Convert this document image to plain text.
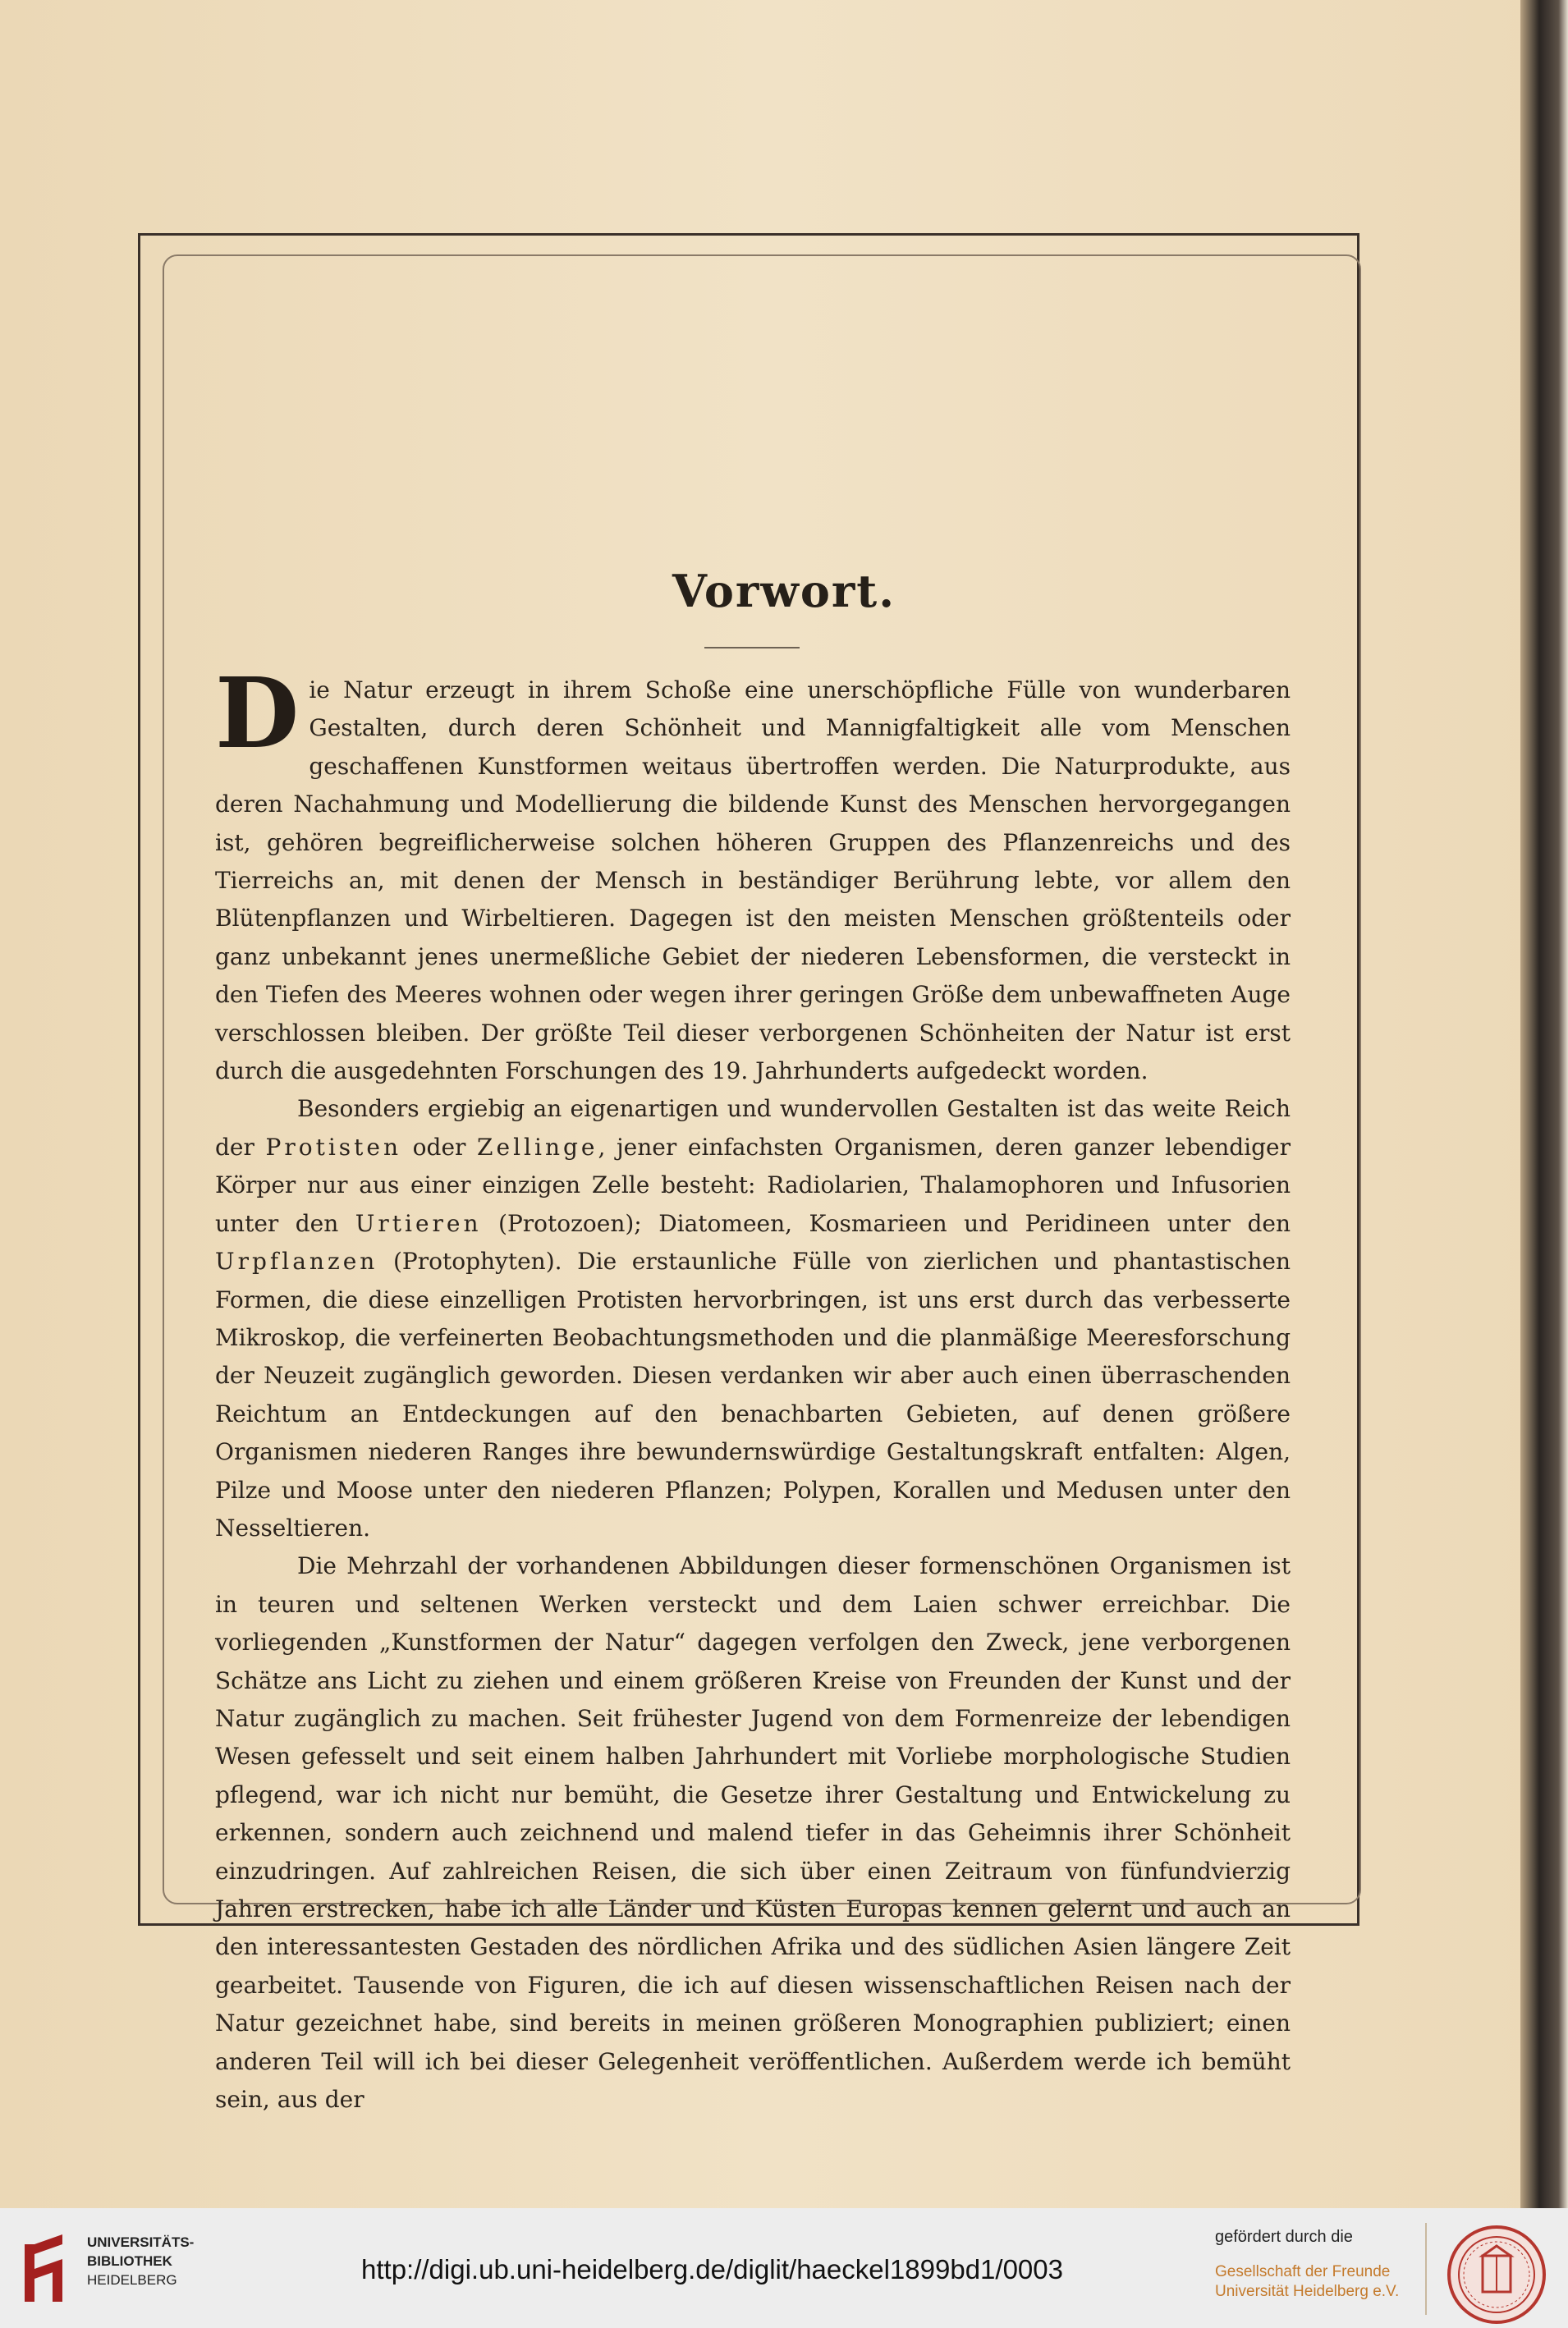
Vorwort.

Die Natur erzeugt in ihrem Schoße eine unerschöpfliche Fülle von wunderbaren Gestalten, durch deren Schönheit und Mannigfaltigkeit alle vom Menschen geschaffenen Kunstformen weitaus übertroffen werden. Die Naturprodukte, aus deren Nachahmung und Modellierung die bildende Kunst des Menschen hervorgegangen ist, gehören begreiflicherweise solchen höheren Gruppen des Pflanzenreichs und des Tierreichs an, mit denen der Mensch in beständiger Berührung lebte, vor allem den Blütenpflanzen und Wirbeltieren. Dagegen ist den meisten Menschen größtenteils oder ganz unbekannt jenes unermeßliche Gebiet der niederen Lebensformen, die versteckt in den Tiefen des Meeres wohnen oder wegen ihrer geringen Größe dem unbewaffneten Auge verschlossen bleiben. Der größte Teil dieser verborgenen Schönheiten der Natur ist erst durch die ausgedehnten Forschungen des 19. Jahrhunderts aufgedeckt worden.

Besonders ergiebig an eigenartigen und wundervollen Gestalten ist das weite Reich der Protisten oder Zellinge, jener einfachsten Organismen, deren ganzer lebendiger Körper nur aus einer einzigen Zelle besteht: Radiolarien, Thalamophoren und Infusorien unter den Urtieren (Protozoen); Diatomeen, Kosmarieen und Peridineen unter den Urpflanzen (Protophyten). Die erstaunliche Fülle von zierlichen und phantastischen Formen, die diese einzelligen Protisten hervorbringen, ist uns erst durch das verbesserte Mikroskop, die verfeinerten Beobachtungsmethoden und die planmäßige Meeresforschung der Neuzeit zugänglich geworden. Diesen verdanken wir aber auch einen überraschenden Reichtum an Entdeckungen auf den benachbarten Gebieten, auf denen größere Organismen niederen Ranges ihre bewundernswürdige Gestaltungskraft entfalten: Algen, Pilze und Moose unter den niederen Pflanzen; Polypen, Korallen und Medusen unter den Nesseltieren.

Die Mehrzahl der vorhandenen Abbildungen dieser formenschönen Organismen ist in teuren und seltenen Werken versteckt und dem Laien schwer erreichbar. Die vorliegenden „Kunstformen der Natur“ dagegen verfolgen den Zweck, jene verborgenen Schätze ans Licht zu ziehen und einem größeren Kreise von Freunden der Kunst und der Natur zugänglich zu machen. Seit frühester Jugend von dem Formenreize der lebendigen Wesen gefesselt und seit einem halben Jahrhundert mit Vorliebe morphologische Studien pflegend, war ich nicht nur bemüht, die Gesetze ihrer Gestaltung und Entwickelung zu erkennen, sondern auch zeichnend und malend tiefer in das Geheimnis ihrer Schönheit einzudringen. Auf zahlreichen Reisen, die sich über einen Zeitraum von fünfundvierzig Jahren erstrecken, habe ich alle Länder und Küsten Europas kennen gelernt und auch an den interessantesten Gestaden des nördlichen Afrika und des südlichen Asien längere Zeit gearbeitet. Tausende von Figuren, die ich auf diesen wissenschaftlichen Reisen nach der Natur gezeichnet habe, sind bereits in meinen größeren Monographien publiziert; einen anderen Teil will ich bei dieser Gelegenheit veröffentlichen. Außerdem werde ich bemüht sein, aus der

UNIVERSITÄTS-
BIBLIOTHEK
HEIDELBERG	http://digi.ub.uni-heidelberg.de/diglit/haeckel1899bd1/0003
gefördert durch die
Gesellschaft der Freunde
Universität Heidelberg e.V.
